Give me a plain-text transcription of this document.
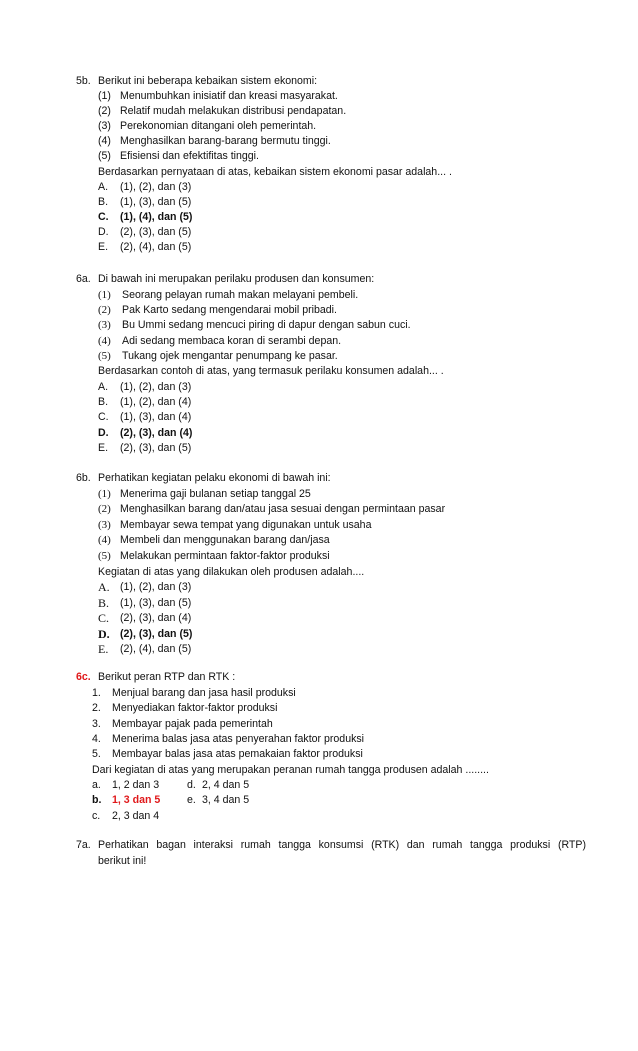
5b. Berikut ini beberapa kebaikan sistem ekonomi:
(1) Menumbuhkan inisiatif dan kreasi masyarakat.
(2) Relatif mudah melakukan distribusi pendapatan.
(3) Perekonomian ditangani oleh pemerintah.
(4) Menghasilkan barang-barang bermutu tinggi.
(5) Efisiensi dan efektifitas tinggi.
Berdasarkan pernyataan di atas, kebaikan sistem ekonomi pasar adalah... .
A. (1), (2), dan (3)
B. (1), (3), dan (5)
C. (1), (4), dan (5)
D. (2), (3), dan (5)
E. (2), (4), dan (5)
6a. Di bawah ini merupakan perilaku produsen dan konsumen:
(1) Seorang pelayan rumah makan melayani pembeli.
(2) Pak Karto sedang mengendarai mobil pribadi.
(3) Bu Ummi sedang mencuci piring di dapur dengan sabun cuci.
(4) Adi sedang membaca koran di serambi depan.
(5) Tukang ojek mengantar penumpang ke pasar.
Berdasarkan contoh di atas, yang termasuk perilaku konsumen adalah... .
A. (1), (2), dan (3)
B. (1), (2), dan (4)
C. (1), (3), dan (4)
D. (2), (3), dan (4)
E. (2), (3), dan (5)
6b. Perhatikan kegiatan pelaku ekonomi di bawah ini:
(1) Menerima gaji bulanan setiap tanggal 25
(2) Menghasilkan barang dan/atau jasa sesuai dengan permintaan pasar
(3) Membayar sewa tempat yang digunakan untuk usaha
(4) Membeli dan menggunakan barang dan/jasa
(5) Melakukan permintaan faktor-faktor produksi
Kegiatan di atas yang dilakukan oleh produsen adalah....
A. (1), (2), dan (3)
B. (1), (3), dan (5)
C. (2), (3), dan (4)
D. (2), (3), dan (5)
E. (2), (4), dan (5)
6c. Berikut peran RTP dan RTK :
1. Menjual barang dan jasa hasil produksi
2. Menyediakan faktor-faktor produksi
3. Membayar pajak pada pemerintah
4. Menerima balas jasa atas penyerahan faktor produksi
5. Membayar balas jasa atas pemakaian faktor produksi
Dari kegiatan di atas yang merupakan peranan rumah tangga produsen adalah ........
a. 1, 2 dan 3	d. 2, 4 dan 5
b. 1, 3 dan 5	e. 3, 4 dan 5
c. 2, 3 dan 4
7a. Perhatikan bagan interaksi rumah tangga konsumsi (RTK) dan rumah tangga produksi (RTP)
berikut ini!
